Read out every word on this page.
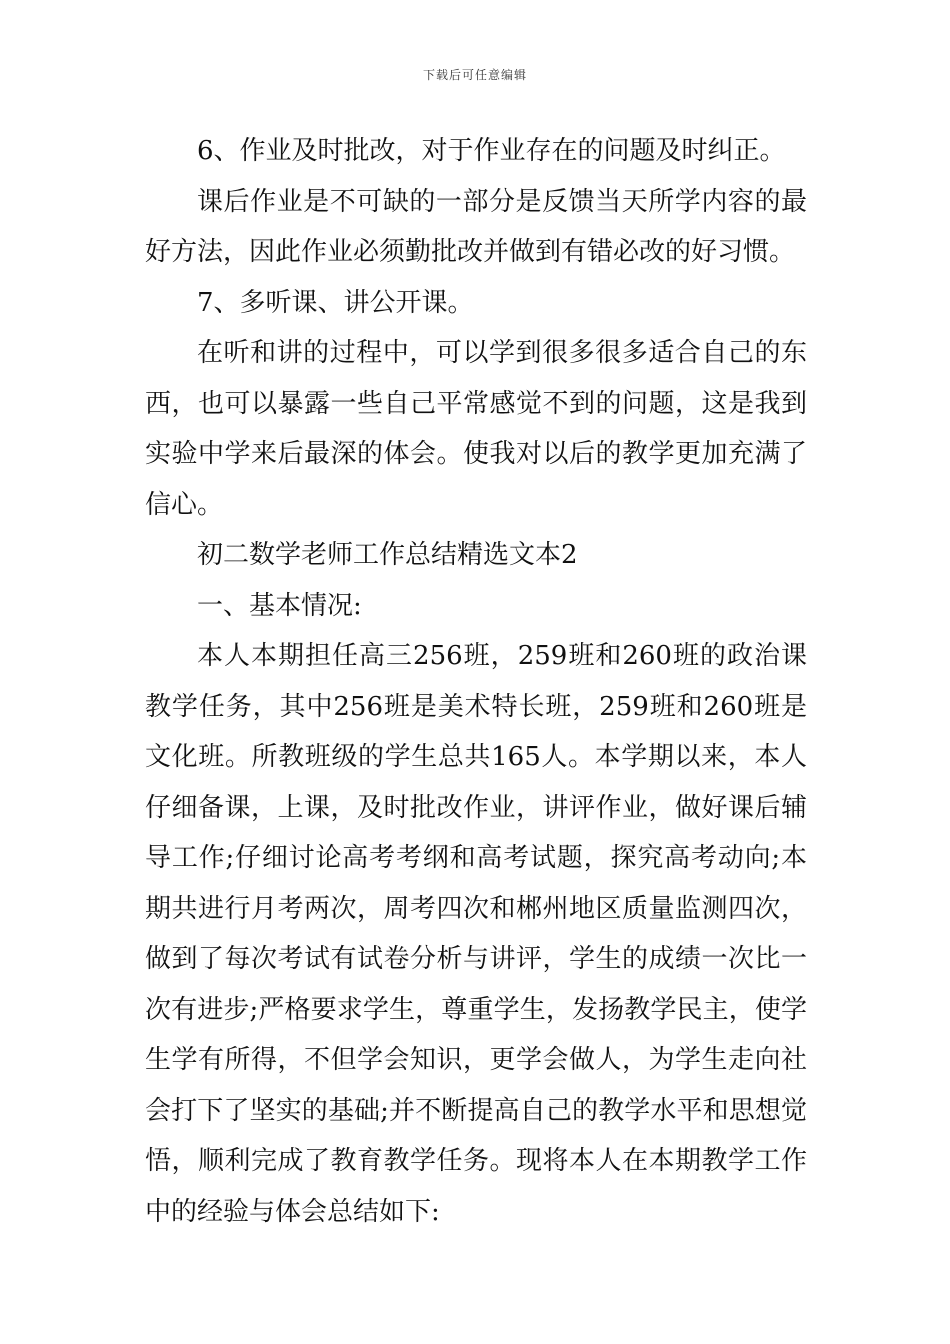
下载后可任意编辑

6、作业及时批改，对于作业存在的问题及时纠正。

课后作业是不可缺的一部分是反馈当天所学内容的最好方法，因此作业必须勤批改并做到有错必改的好习惯。

7、多听课、讲公开课。

在听和讲的过程中，可以学到很多很多适合自己的东西，也可以暴露一些自己平常感觉不到的问题，这是我到实验中学来后最深的体会。使我对以后的教学更加充满了信心。

初二数学老师工作总结精选文本2

一、基本情况:

本人本期担任高三256班，259班和260班的政治课教学任务，其中256班是美术特长班，259班和260班是文化班。所教班级的学生总共165人。本学期以来，本人仔细备课，上课，及时批改作业，讲评作业，做好课后辅导工作;仔细讨论高考考纲和高考试题，探究高考动向;本期共进行月考两次，周考四次和郴州地区质量监测四次，做到了每次考试有试卷分析与讲评，学生的成绩一次比一次有进步;严格要求学生，尊重学生，发扬教学民主，使学生学有所得，不但学会知识，更学会做人，为学生走向社会打下了坚实的基础;并不断提高自己的教学水平和思想觉悟，顺利完成了教育教学任务。现将本人在本期教学工作中的经验与体会总结如下:
